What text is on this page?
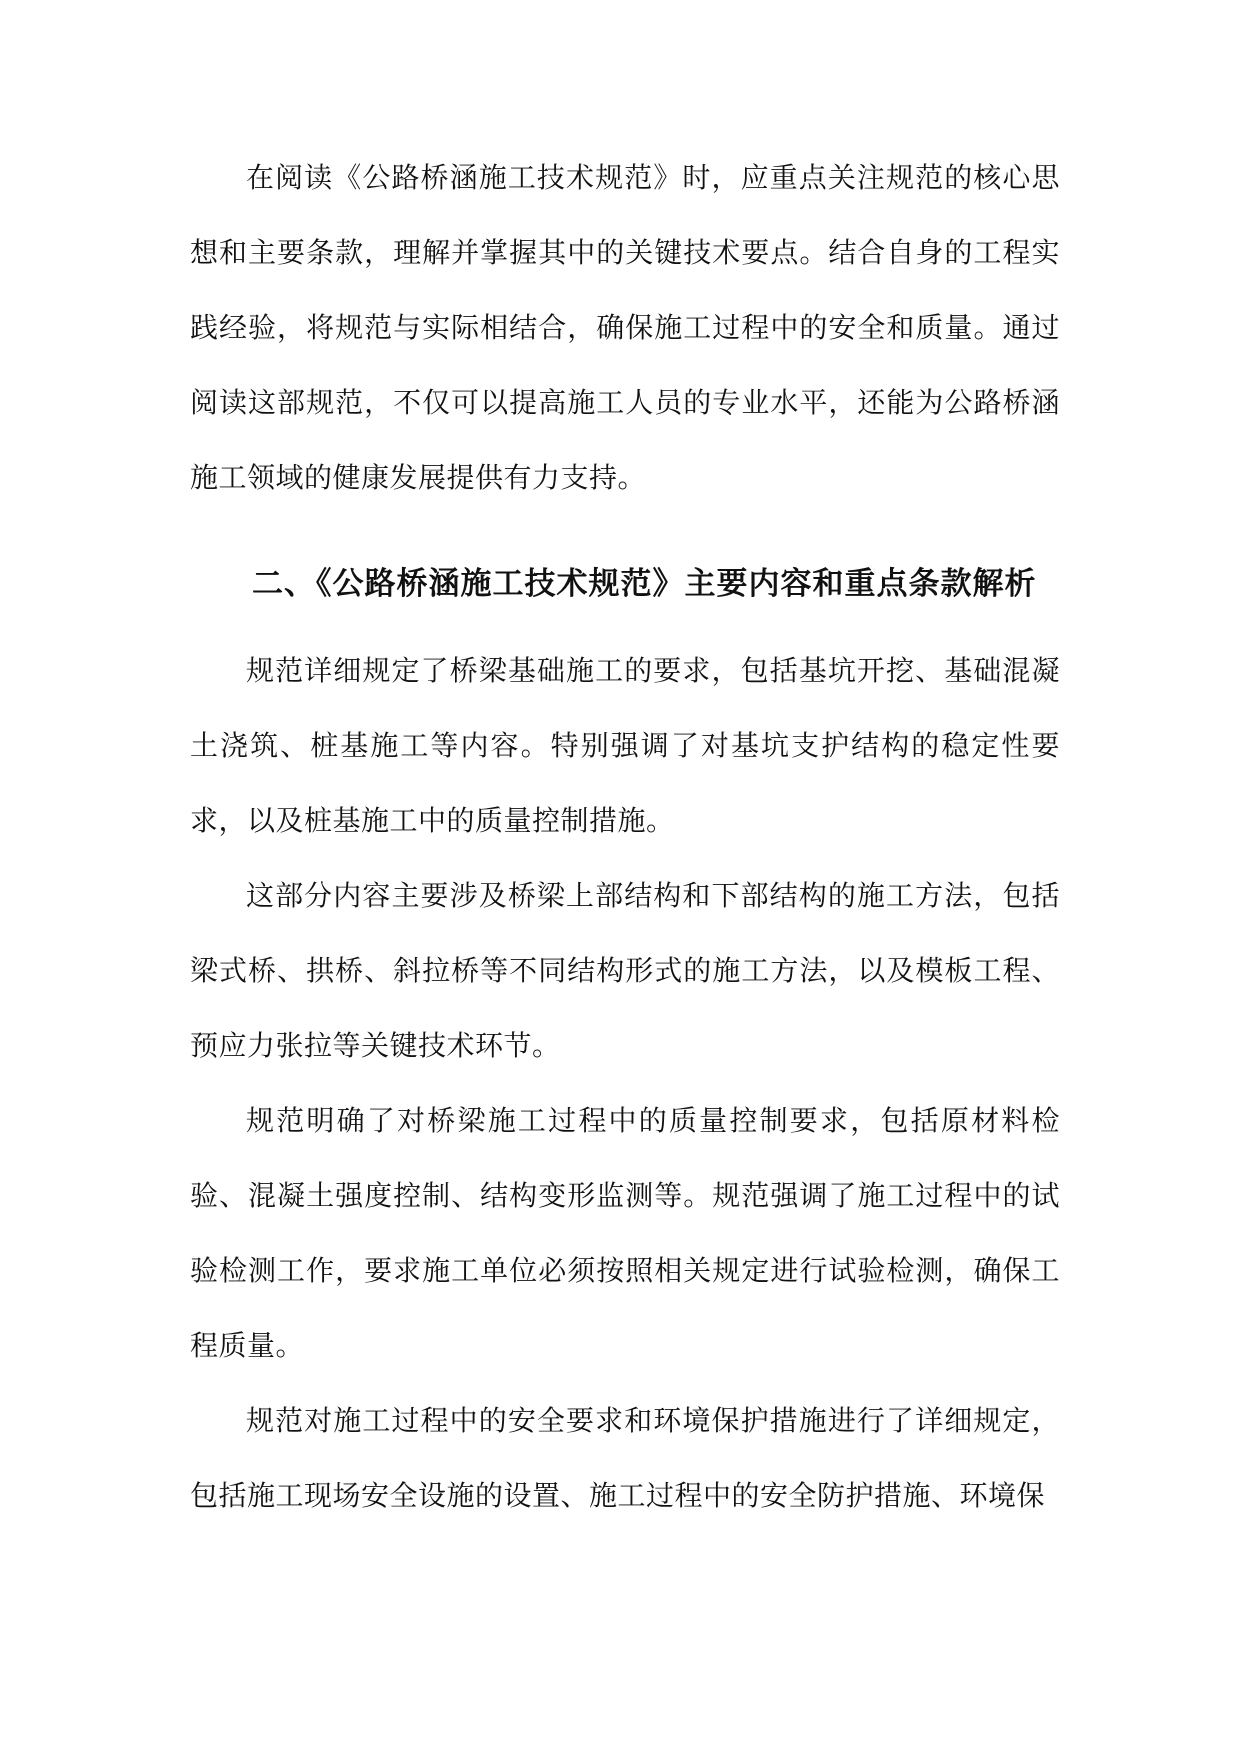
在阅读《公路桥涵施工技术规范》时，应重点关注规范的核心思想和主要条款，理解并掌握其中的关键技术要点。结合自身的工程实践经验，将规范与实际相结合，确保施工过程中的安全和质量。通过阅读这部规范，不仅可以提高施工人员的专业水平，还能为公路桥涵施工领域的健康发展提供有力支持。

二、《公路桥涵施工技术规范》主要内容和重点条款解析

规范详细规定了桥梁基础施工的要求，包括基坑开挖、基础混凝土浇筑、桩基施工等内容。特别强调了对基坑支护结构的稳定性要求，以及桩基施工中的质量控制措施。

这部分内容主要涉及桥梁上部结构和下部结构的施工方法，包括梁式桥、拱桥、斜拉桥等不同结构形式的施工方法，以及模板工程、预应力张拉等关键技术环节。

规范明确了对桥梁施工过程中的质量控制要求，包括原材料检验、混凝土强度控制、结构变形监测等。规范强调了施工过程中的试验检测工作，要求施工单位必须按照相关规定进行试验检测，确保工程质量。

规范对施工过程中的安全要求和环境保护措施进行了详细规定，包括施工现场安全设施的设置、施工过程中的安全防护措施、环境保
